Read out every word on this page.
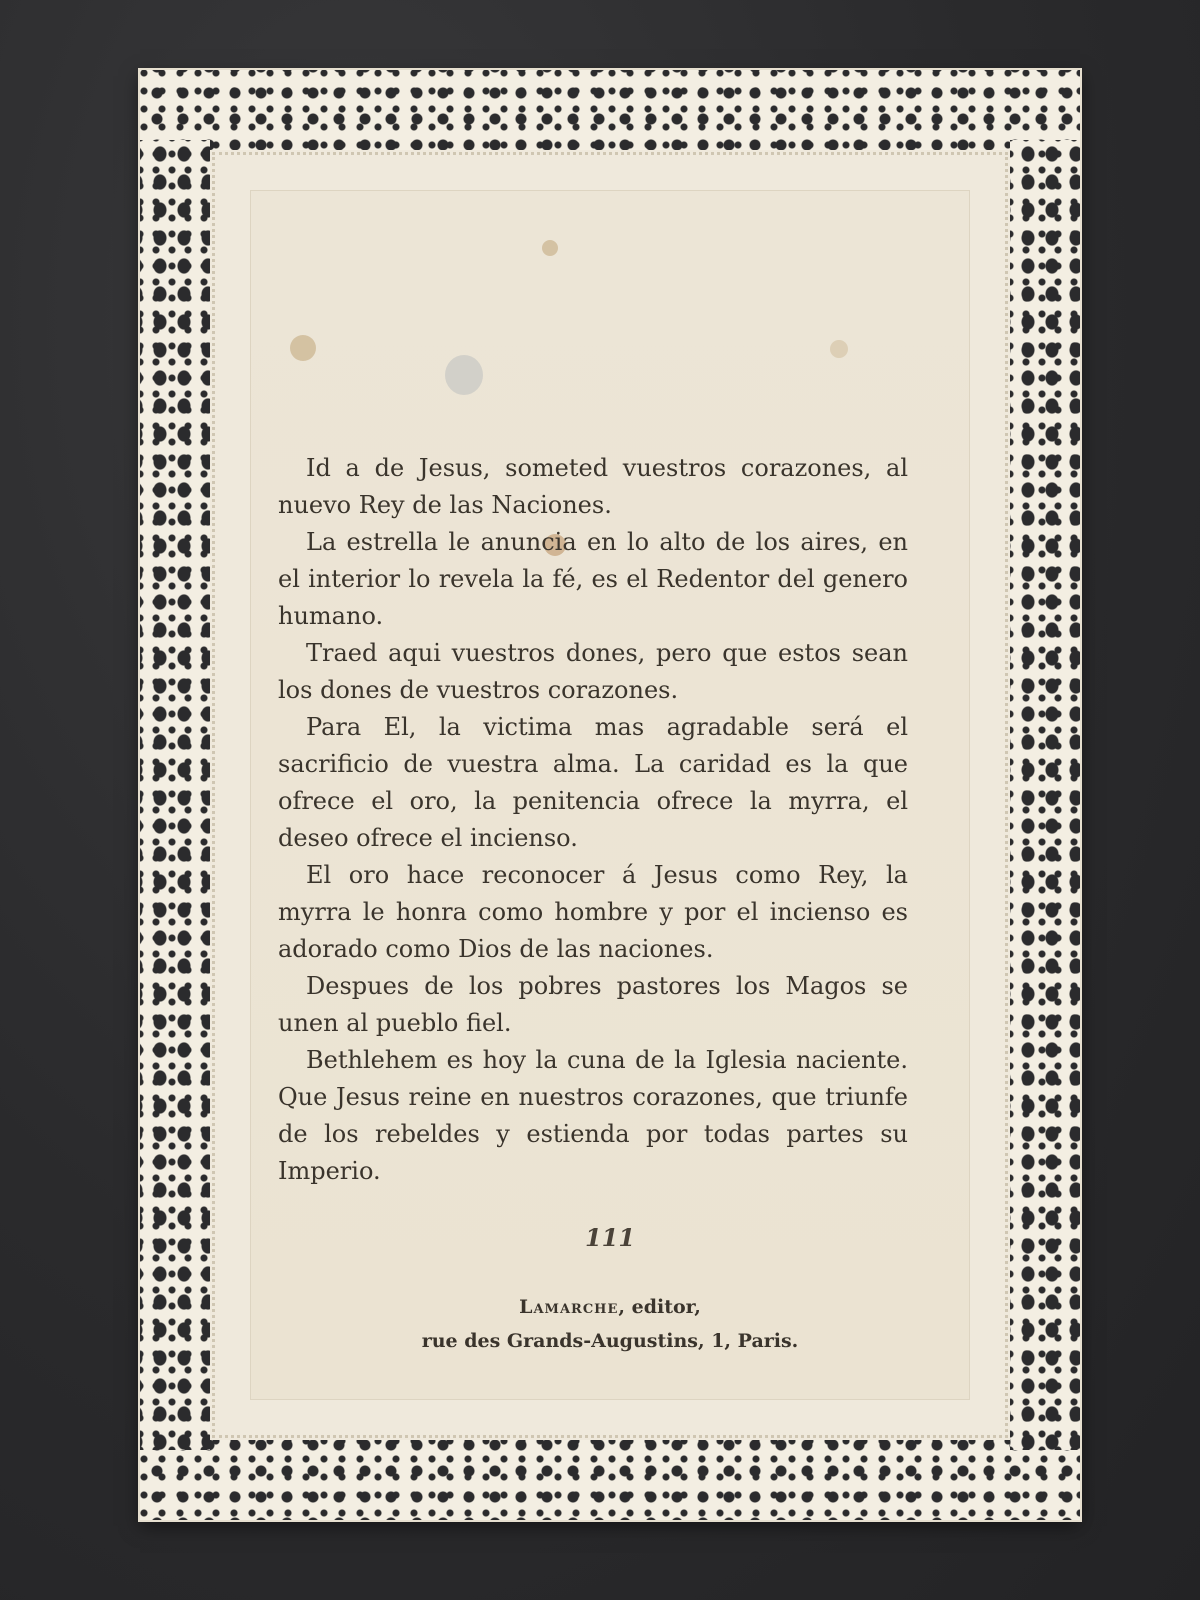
Id a de Jesus, someted vuestros corazones, al nuevo Rey de las Naciones.

La estrella le anuncia en lo alto de los aires, en el interior lo revela la fé, es el Redentor del genero humano.

Traed aqui vuestros dones, pero que estos sean los dones de vuestros corazones.

Para El, la victima mas agradable será el sacrificio de vuestra alma. La caridad es la que ofrece el oro, la penitencia ofrece la myrra, el deseo ofrece el incienso.

El oro hace reconocer á Jesus como Rey, la myrra le honra como hombre y por el incienso es adorado como Dios de las naciones.

Despues de los pobres pastores los Magos se unen al pueblo fiel.

Bethlehem es hoy la cuna de la Iglesia naciente. Que Jesus reine en nuestros corazones, que triunfe de los rebeldes y estienda por todas partes su Imperio.

111
Lamarche, editor,
rue des Grands-Augustins, 1, Paris.
